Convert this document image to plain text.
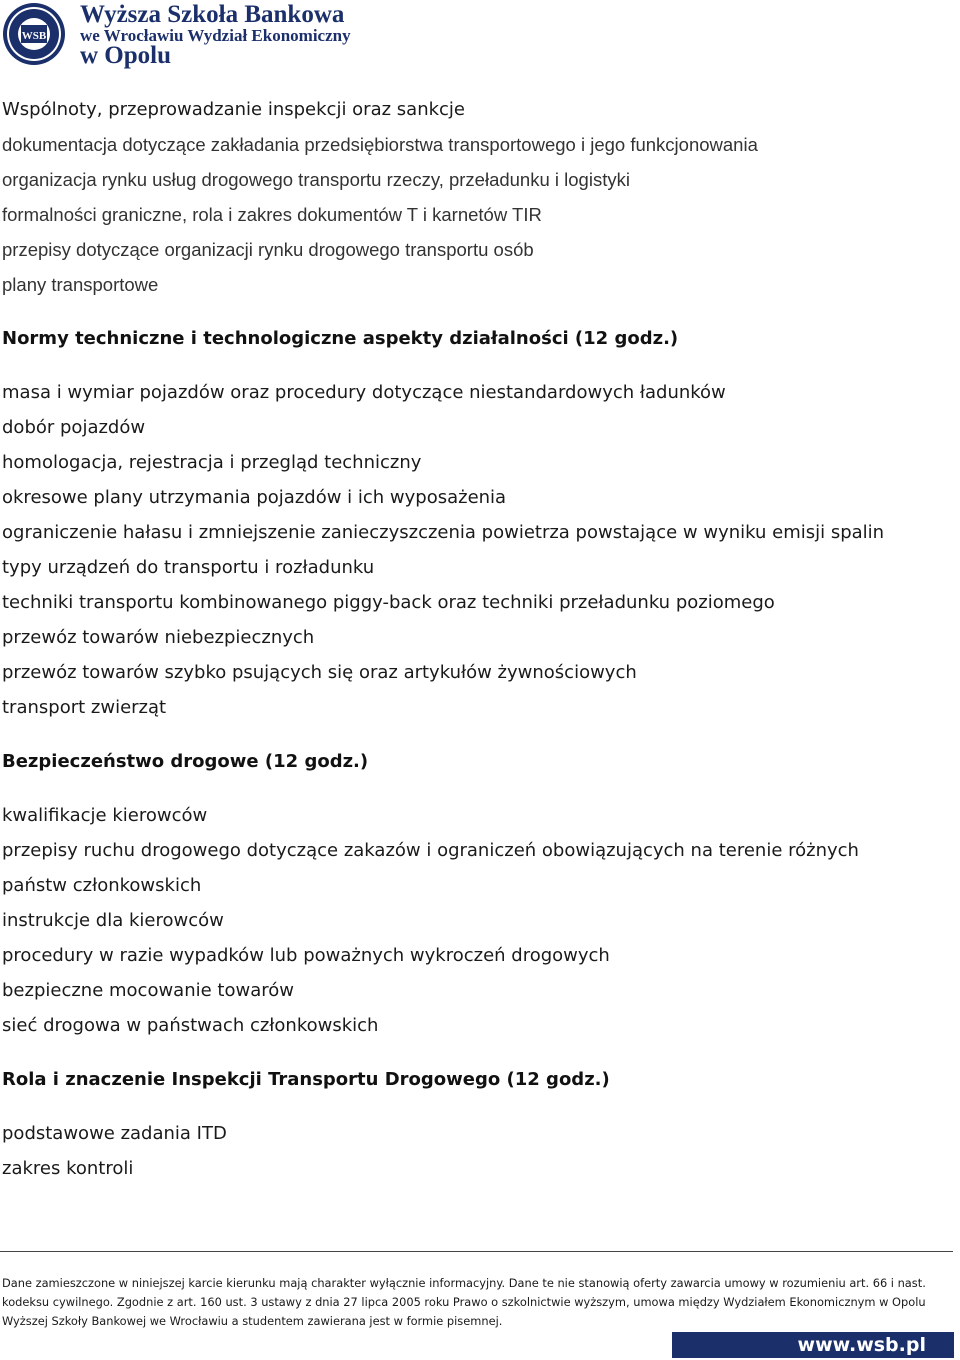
WSB
Wyższa Szkoła Bankowa
we Wrocławiu Wydział Ekonomiczny
w Opolu
Wspólnoty, przeprowadzanie inspekcji oraz sankcje
dokumentacja dotyczące zakładania przedsiębiorstwa transportowego i jego funkcjonowania
organizacja rynku usług drogowego transportu rzeczy, przeładunku i logistyki
formalności graniczne, rola i zakres dokumentów T i karnetów TIR
przepisy dotyczące organizacji rynku drogowego transportu osób
plany transportowe
Normy techniczne i technologiczne aspekty działalności (12 godz.)
masa i wymiar pojazdów oraz procedury dotyczące niestandardowych ładunków
dobór pojazdów
homologacja, rejestracja i przegląd techniczny
okresowe plany utrzymania pojazdów i ich wyposażenia
ograniczenie hałasu i zmniejszenie zanieczyszczenia powietrza powstające w wyniku emisji spalin
typy urządzeń do transportu i rozładunku
techniki transportu kombinowanego piggy-back oraz techniki przeładunku poziomego
przewóz towarów niebezpiecznych
przewóz towarów szybko psujących się oraz artykułów żywnościowych
transport zwierząt
Bezpieczeństwo drogowe (12 godz.)
kwalifikacje kierowców
przepisy ruchu drogowego dotyczące zakazów i ograniczeń obowiązujących na terenie różnych
państw członkowskich
instrukcje dla kierowców
procedury w razie wypadków lub poważnych wykroczeń drogowych
bezpieczne mocowanie towarów
sieć drogowa w państwach członkowskich
Rola i znaczenie Inspekcji Transportu Drogowego (12 godz.)
podstawowe zadania ITD
zakres kontroli
Dane zamieszczone w niniejszej karcie kierunku mają charakter wyłącznie informacyjny. Dane te nie stanowią oferty zawarcia umowy w rozumieniu art. 66 i nast.
kodeksu cywilnego. Zgodnie z art. 160 ust. 3 ustawy z dnia 27 lipca 2005 roku Prawo o szkolnictwie wyższym, umowa między Wydziałem Ekonomicznym w Opolu
Wyższej Szkoły Bankowej we Wrocławiu a studentem zawierana jest w formie pisemnej.
www.wsb.pl
